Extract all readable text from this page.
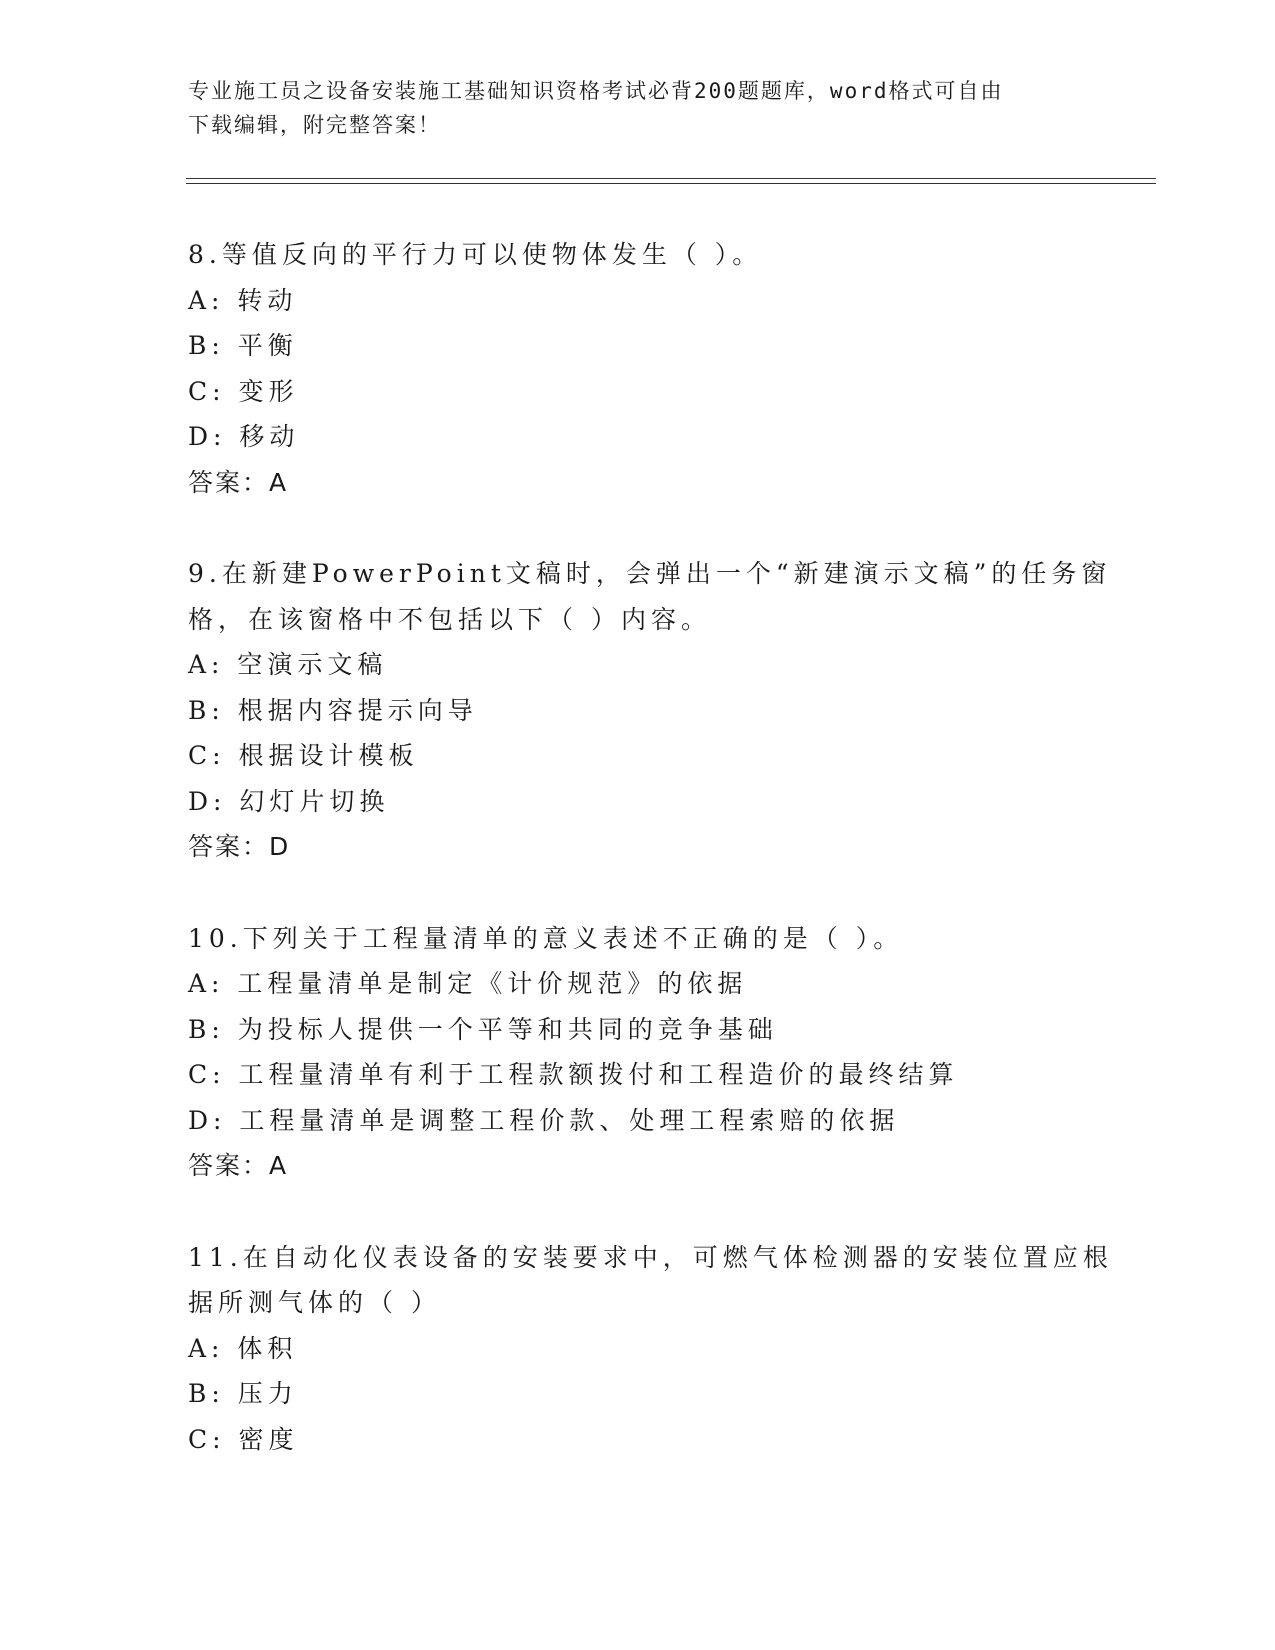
专业施工员之设备安装施工基础知识资格考试必背200题题库，word格式可自由
下载编辑，附完整答案！
8.等值反向的平行力可以使物体发生（ ）。
A: 转动
B: 平衡
C: 变形
D: 移动
答案：A
9.在新建PowerPoint文稿时，会弹出一个“新建演示文稿”的任务窗
格，在该窗格中不包括以下（ ）内容。
A: 空演示文稿
B: 根据内容提示向导
C: 根据设计模板
D: 幻灯片切换
答案：D
10.下列关于工程量清单的意义表述不正确的是（ ）。
A: 工程量清单是制定《计价规范》的依据
B: 为投标人提供一个平等和共同的竞争基础
C: 工程量清单有利于工程款额拨付和工程造价的最终结算
D: 工程量清单是调整工程价款、处理工程索赔的依据
答案：A
11.在自动化仪表设备的安装要求中，可燃气体检测器的安装位置应根
据所测气体的（ ）
A: 体积
B: 压力
C: 密度
